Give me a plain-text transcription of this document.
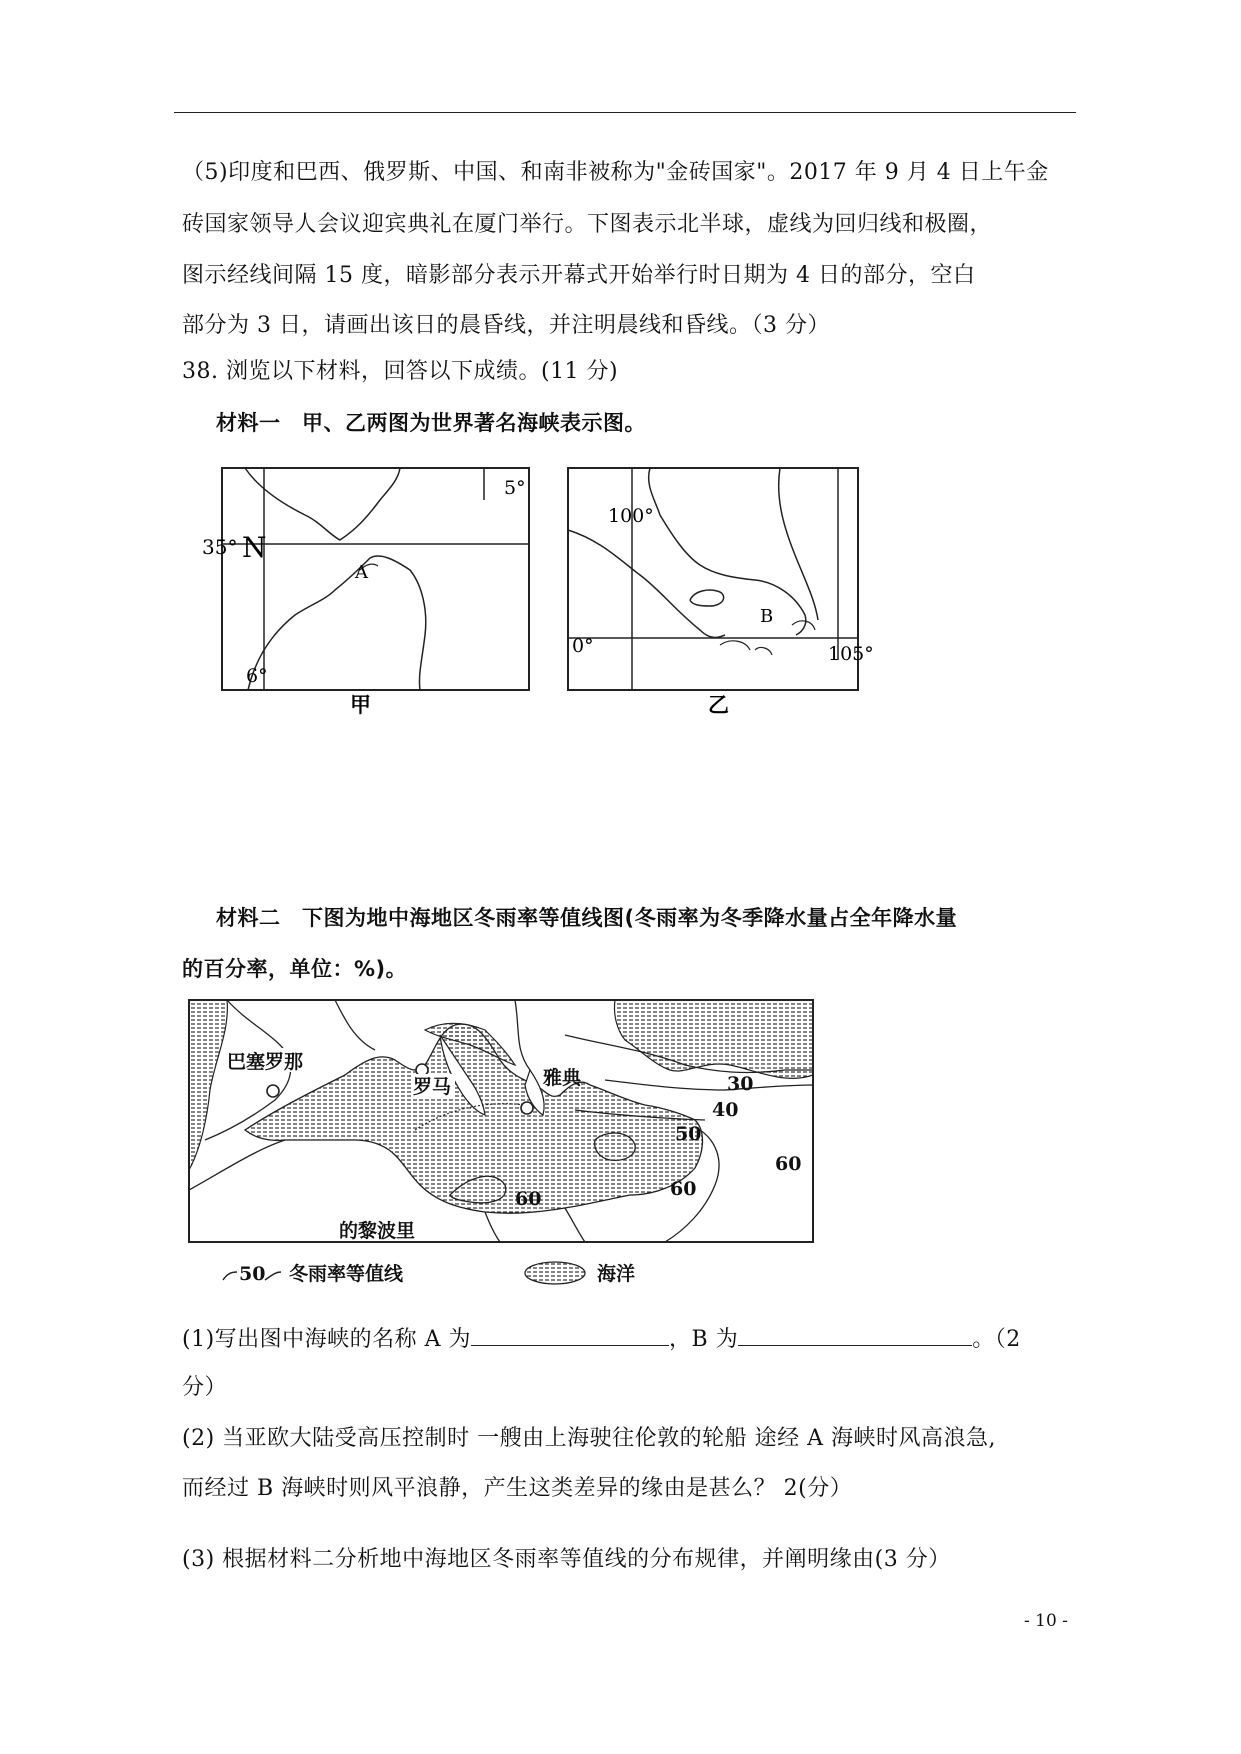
（5)印度和巴西、俄罗斯、中国、和南非被称为"金砖国家"。2017 年 9 月 4 日上午金
砖国家领导人会议迎宾典礼在厦门举行。下图表示北半球，虚线为回归线和极圈，
图示经线间隔 15 度，暗影部分表示开幕式开始举行时日期为 4 日的部分，空白
部分为 3 日，请画出该日的晨昏线，并注明晨线和昏线。（3 分）
38. 浏览以下材料，回答以下成绩。(11 分)
材料一　甲、乙两图为世界著名海峡表示图。
35° N
A
5°
6°
甲
100°
B
0°	105°
乙
材料二　下图为地中海地区冬雨率等值线图(冬雨率为冬季降水量占全年降水量
的百分率，单位：%)。
巴塞罗那
罗马	雅典
的黎波里
30
40
50
60
60
60
50 冬雨率等值线	海洋
(1)写出图中海峡的名称 A 为	，B 为	。（2
分）
(2) 当亚欧大陆受高压控制时 一艘由上海驶往伦敦的轮船 途经 A 海峡时风高浪急,
而经过 B 海峡时则风平浪静，产生这类差异的缘由是甚么？ 2(分）
(3) 根据材料二分析地中海地区冬雨率等值线的分布规律，并阐明缘由(3 分）
- 10 -
